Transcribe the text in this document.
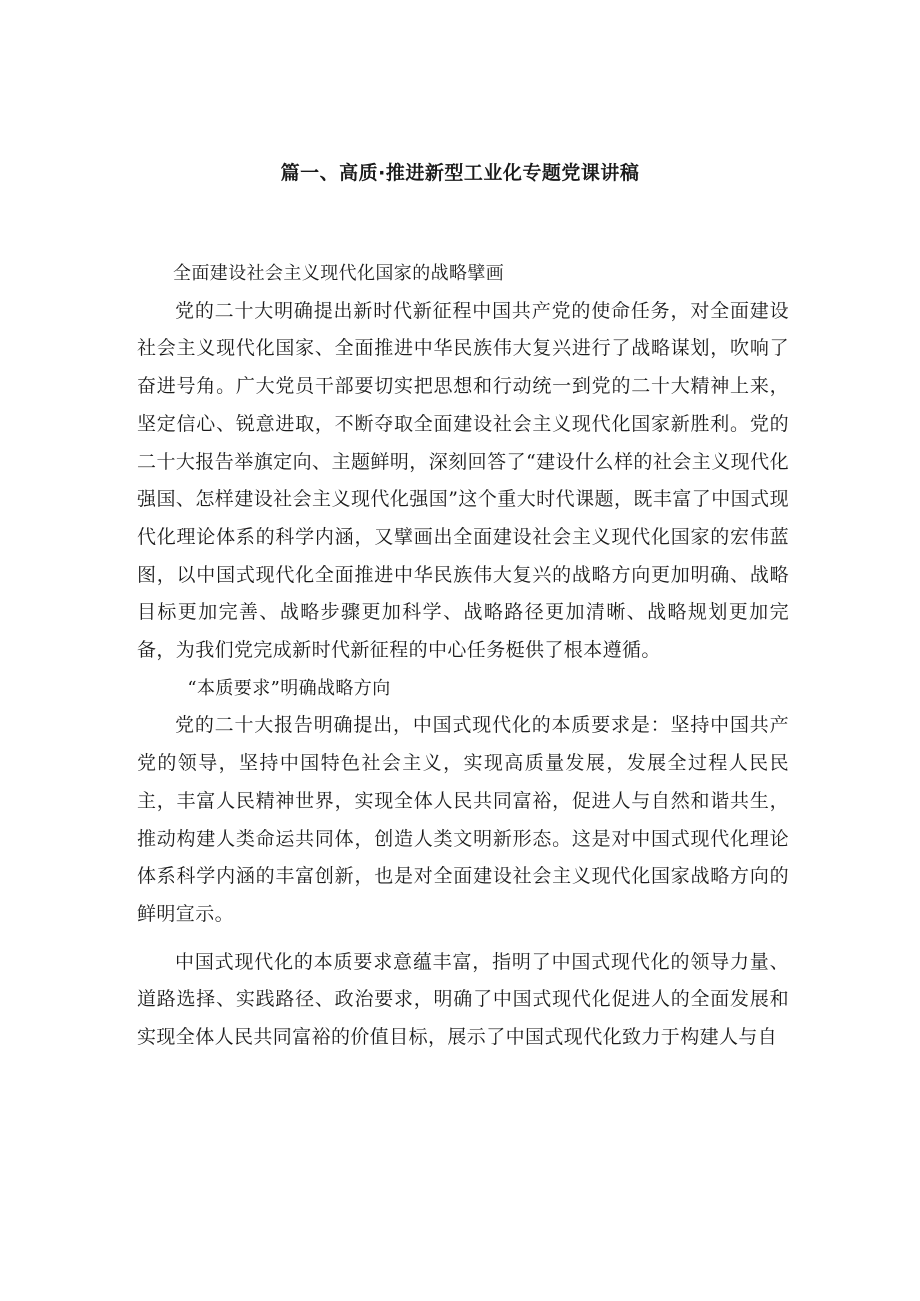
篇一、高质·推进新型工业化专题党课讲稿

全面建设社会主义现代化国家的战略擘画

党的二十大明确提出新时代新征程中国共产党的使命任务，对全面建设社会主义现代化国家、全面推进中华民族伟大复兴进行了战略谋划，吹响了奋进号角。广大党员干部要切实把思想和行动统一到党的二十大精神上来，坚定信心、锐意进取，不断夺取全面建设社会主义现代化国家新胜利。党的二十大报告举旗定向、主题鲜明，深刻回答了“建设什么样的社会主义现代化强国、怎样建设社会主义现代化强国”这个重大时代课题，既丰富了中国式现代化理论体系的科学内涵，又擘画出全面建设社会主义现代化国家的宏伟蓝图，以中国式现代化全面推进中华民族伟大复兴的战略方向更加明确、战略目标更加完善、战略步骤更加科学、战略路径更加清晰、战略规划更加完备，为我们党完成新时代新征程的中心任务梃供了根本遵循。

“本质要求”明确战略方向

党的二十大报告明确提出，中国式现代化的本质要求是：坚持中国共产党的领导，坚持中国特色社会主义，实现高质量发展，发展全过程人民民主，丰富人民精神世界，实现全体人民共同富裕，促进人与自然和谐共生，推动构建人类命运共同体，创造人类文明新形态。这是对中国式现代化理论体系科学内涵的丰富创新，也是对全面建设社会主义现代化国家战略方向的鲜明宣示。

中国式现代化的本质要求意蕴丰富，指明了中国式现代化的领导力量、道路选择、实践路径、政治要求，明确了中国式现代化促进人的全面发展和实现全体人民共同富裕的价值目标，展示了中国式现代化致力于构建人与自
